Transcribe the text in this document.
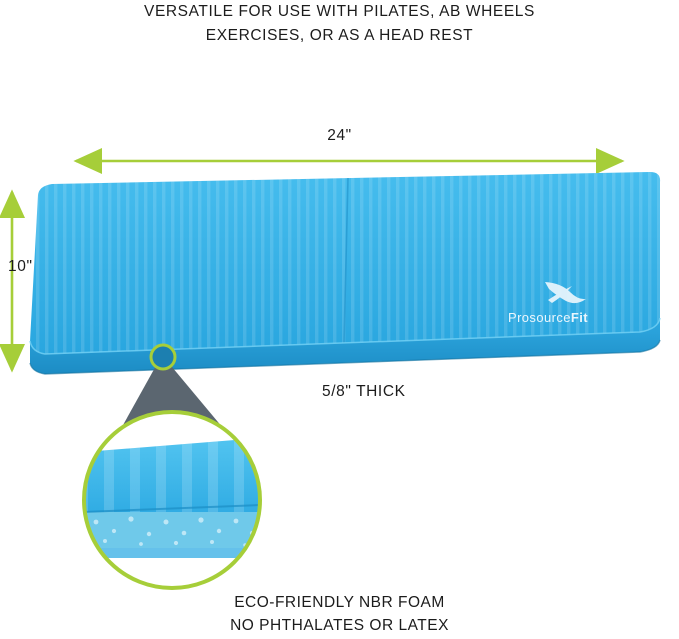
VERSATILE FOR USE WITH PILATES, AB WHEELS
EXERCISES, OR AS A HEAD REST
ProsourceFit
24"
10"
5/8" THICK
ECO-FRIENDLY NBR FOAM
NO PHTHALATES OR LATEX
